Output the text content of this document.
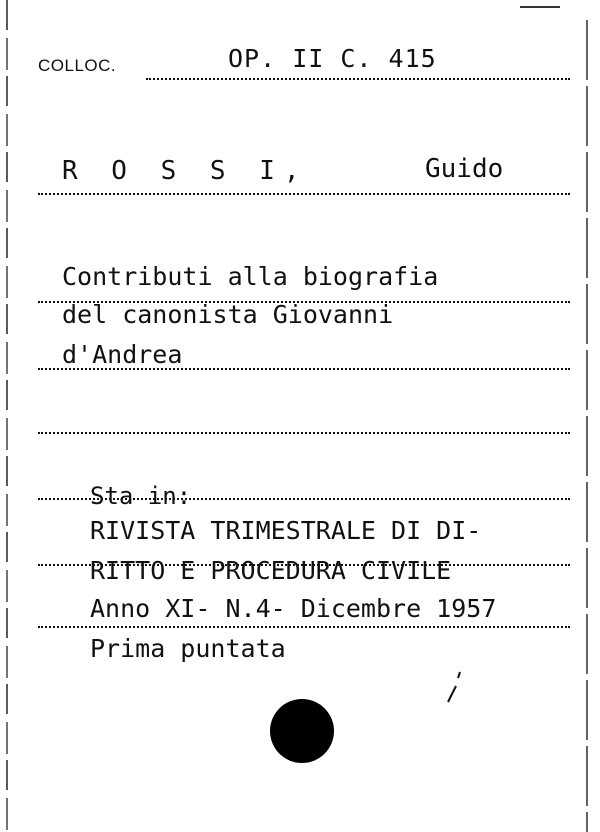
COLLOC.	OP. II C. 415
R O S S I,	Guido
Contributi alla biografia
del canonista Giovanni
d'Andrea
Sta in:
RIVISTA TRIMESTRALE DI DI-
RITTO E PROCEDURA CIVILE
Anno XI- N.4- Dicembre 1957
Prima puntata
